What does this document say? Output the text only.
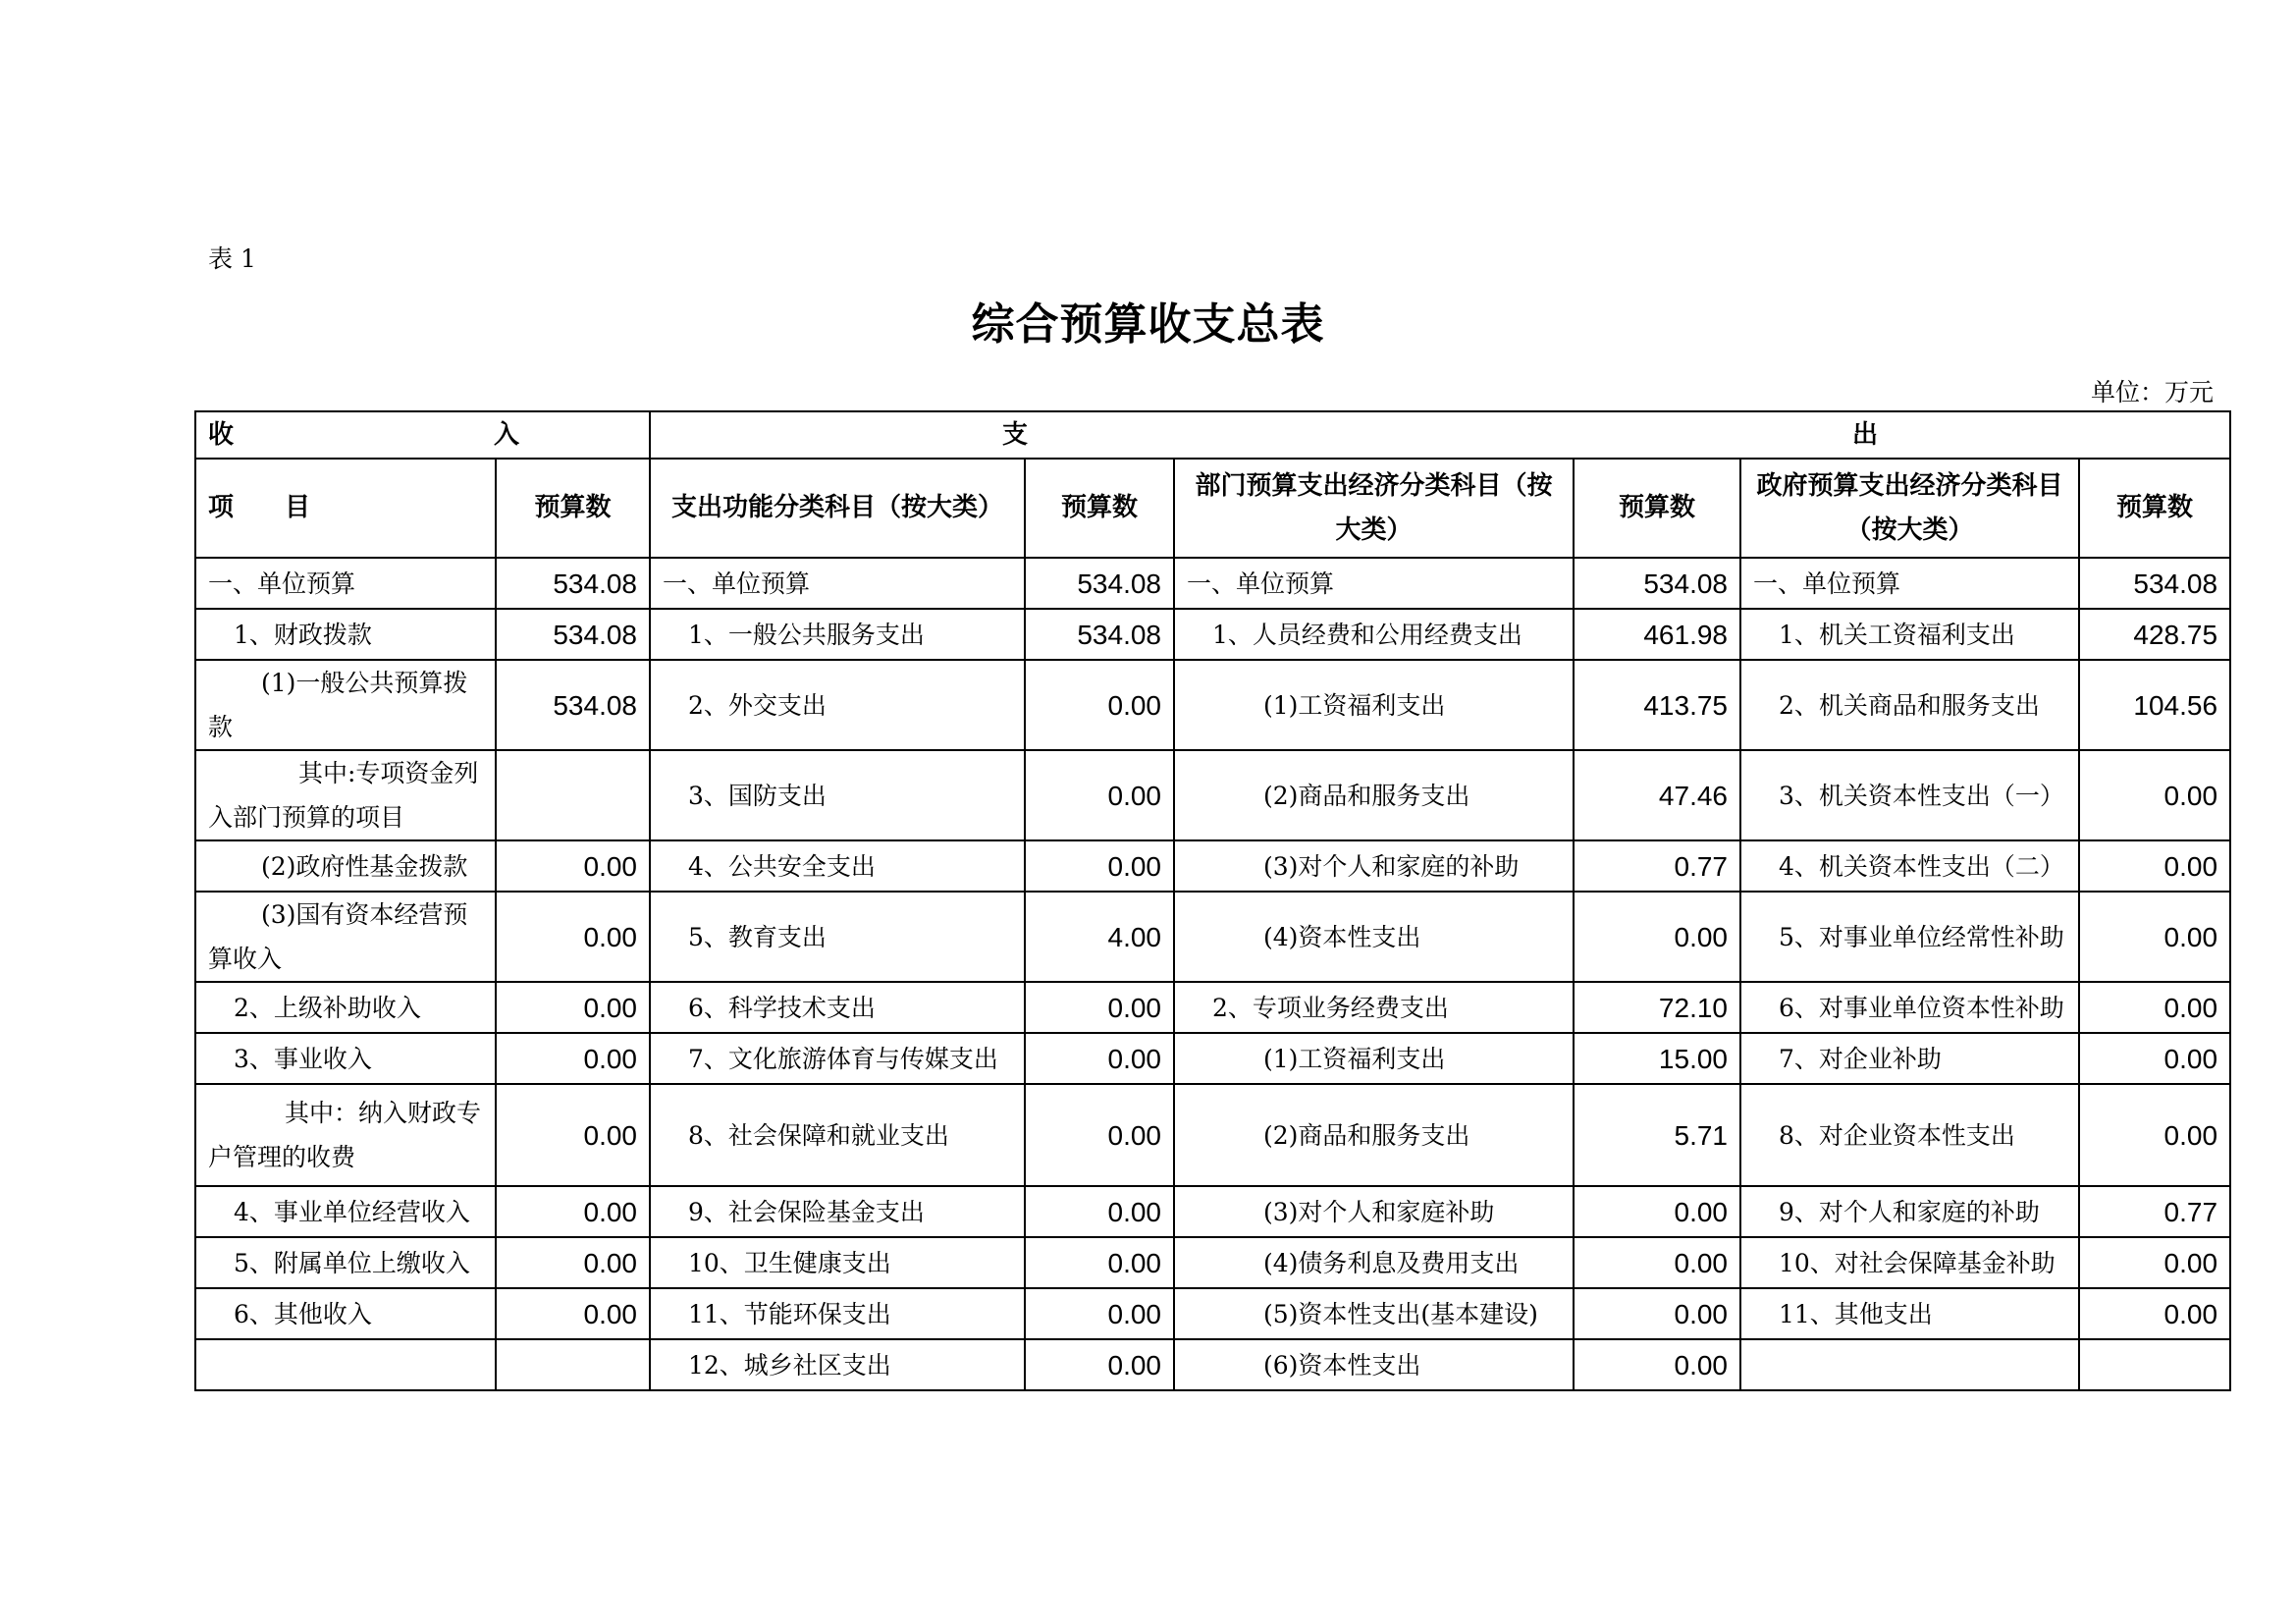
表 1
综合预算收支总表
单位：万元
收 入		支 出					

项 目	预算数	支出功能分类科目（按大类）	预算数	部门预算支出经济分类科目（按大类）	预算数	政府预算支出经济分类科目（按大类）	预算数
一、单位预算	534.08	一、单位预算	534.08	一、单位预算	534.08	一、单位预算	534.08
1、财政拨款	534.08	1、一般公共服务支出	534.08	1、人员经费和公用经费支出	461.98	1、机关工资福利支出	428.75
(1)一般公共预算拨款	534.08	2、外交支出	0.00	(1)工资福利支出	413.75	2、机关商品和服务支出	104.56
其中:专项资金列入部门预算的项目		3、国防支出	0.00	(2)商品和服务支出	47.46	3、机关资本性支出（一）	0.00
(2)政府性基金拨款	0.00	4、公共安全支出	0.00	(3)对个人和家庭的补助	0.77	4、机关资本性支出（二）	0.00
(3)国有资本经营预算收入	0.00	5、教育支出	4.00	(4)资本性支出	0.00	5、对事业单位经常性补助	0.00
2、上级补助收入	0.00	6、科学技术支出	0.00	2、专项业务经费支出	72.10	6、对事业单位资本性补助	0.00
3、事业收入	0.00	7、文化旅游体育与传媒支出	0.00	(1)工资福利支出	15.00	7、对企业补助	0.00
其中：纳入财政专户管理的收费	0.00	8、社会保障和就业支出	0.00	(2)商品和服务支出	5.71	8、对企业资本性支出	0.00
4、事业单位经营收入	0.00	9、社会保险基金支出	0.00	(3)对个人和家庭补助	0.00	9、对个人和家庭的补助	0.77
5、附属单位上缴收入	0.00	10、卫生健康支出	0.00	(4)债务利息及费用支出	0.00	10、对社会保障基金补助	0.00
6、其他收入	0.00	11、节能环保支出	0.00	(5)资本性支出(基本建设)	0.00	11、其他支出	0.00
		12、城乡社区支出	0.00	(6)资本性支出	0.00		
